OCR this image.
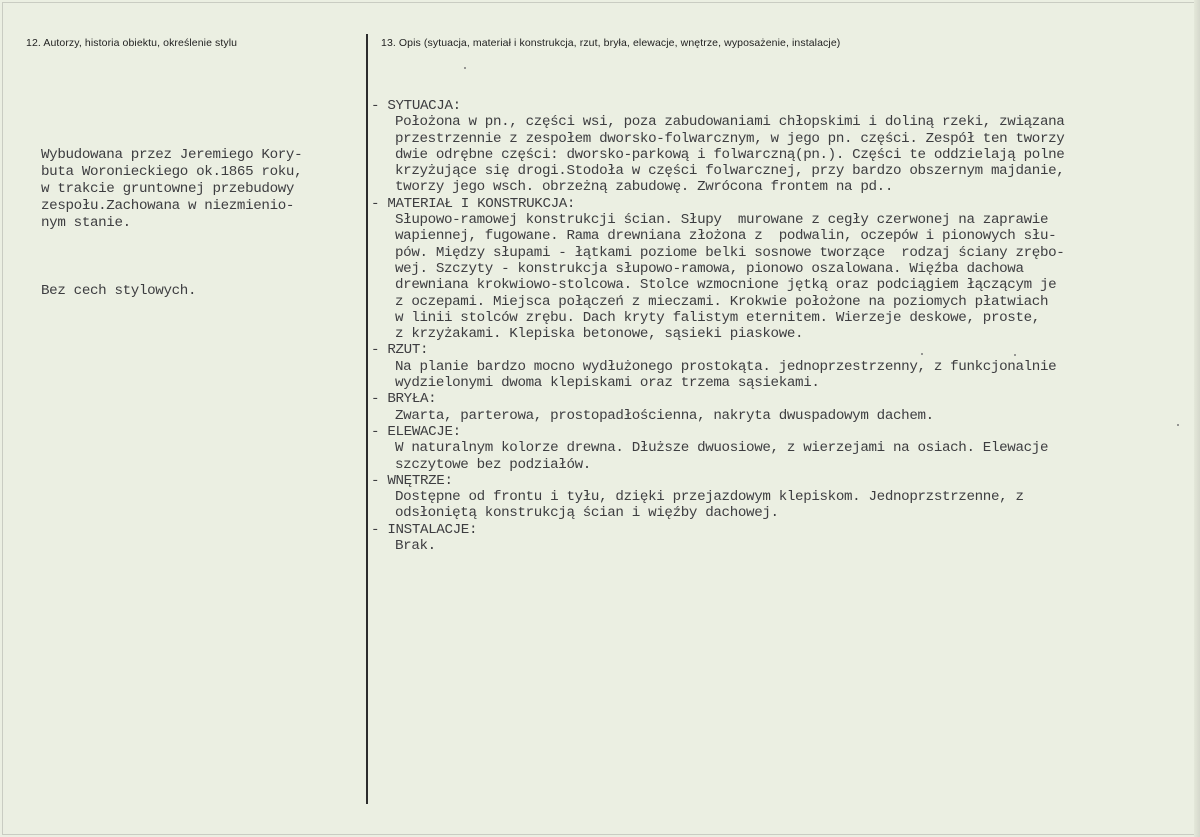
12. Autorzy, historia obiektu, określenie stylu	13. Opis (sytuacja, materiał i konstrukcja, rzut, bryła, elewacje, wnętrze, wyposażenie, instalacje)

Wybudowana przez Jeremiego Kory-
buta Woronieckiego ok.1865 roku,
w trakcie gruntownej przebudowy
zespołu.Zachowana w niezmienio-
nym stanie.

Bez cech stylowych.

- SYTUACJA:
Położona w pn., części wsi, poza zabudowaniami chłopskimi i doliną rzeki, związana
przestrzennie z zespołem dworsko-folwarcznym, w jego pn. części. Zespół ten tworzy
dwie odrębne części: dworsko-parkową i folwarczną(pn.). Części te oddzielają polne
krzyżujące się drogi.Stodoła w części folwarcznej, przy bardzo obszernym majdanie,
tworzy jego wsch. obrzeżną zabudowę. Zwrócona frontem na pd..
- MATERIAŁ I KONSTRUKCJA:
Słupowo-ramowej konstrukcji ścian. Słupy  murowane z cegły czerwonej na zaprawie
wapiennej, fugowane. Rama drewniana złożona z  podwalin, oczepów i pionowych słu-
pów. Między słupami - łątkami poziome belki sosnowe tworzące  rodzaj ściany zrębo-
wej. Szczyty - konstrukcja słupowo-ramowa, pionowo oszalowana. Więźba dachowa
drewniana krokwiowo-stolcowa. Stolce wzmocnione jętką oraz podciągiem łączącym je
z oczepami. Miejsca połączeń z mieczami. Krokwie położone na poziomych płatwiach
w linii stolców zrębu. Dach kryty falistym eternitem. Wierzeje deskowe, proste,
z krzyżakami. Klepiska betonowe, sąsieki piaskowe.
- RZUT:
Na planie bardzo mocno wydłużonego prostokąta. jednoprzestrzenny, z funkcjonalnie
wydzielonymi dwoma klepiskami oraz trzema sąsiekami.
- BRYŁA:
Zwarta, parterowa, prostopadłościenna, nakryta dwuspadowym dachem.
- ELEWACJE:
W naturalnym kolorze drewna. Dłuższe dwuosiowe, z wierzejami na osiach. Elewacje
szczytowe bez podziałów.
- WNĘTRZE:
Dostępne od frontu i tyłu, dzięki przejazdowym klepiskom. Jednoprzstrzenne, z
odsłoniętą konstrukcją ścian i więźby dachowej.
- INSTALACJE:
Brak.
